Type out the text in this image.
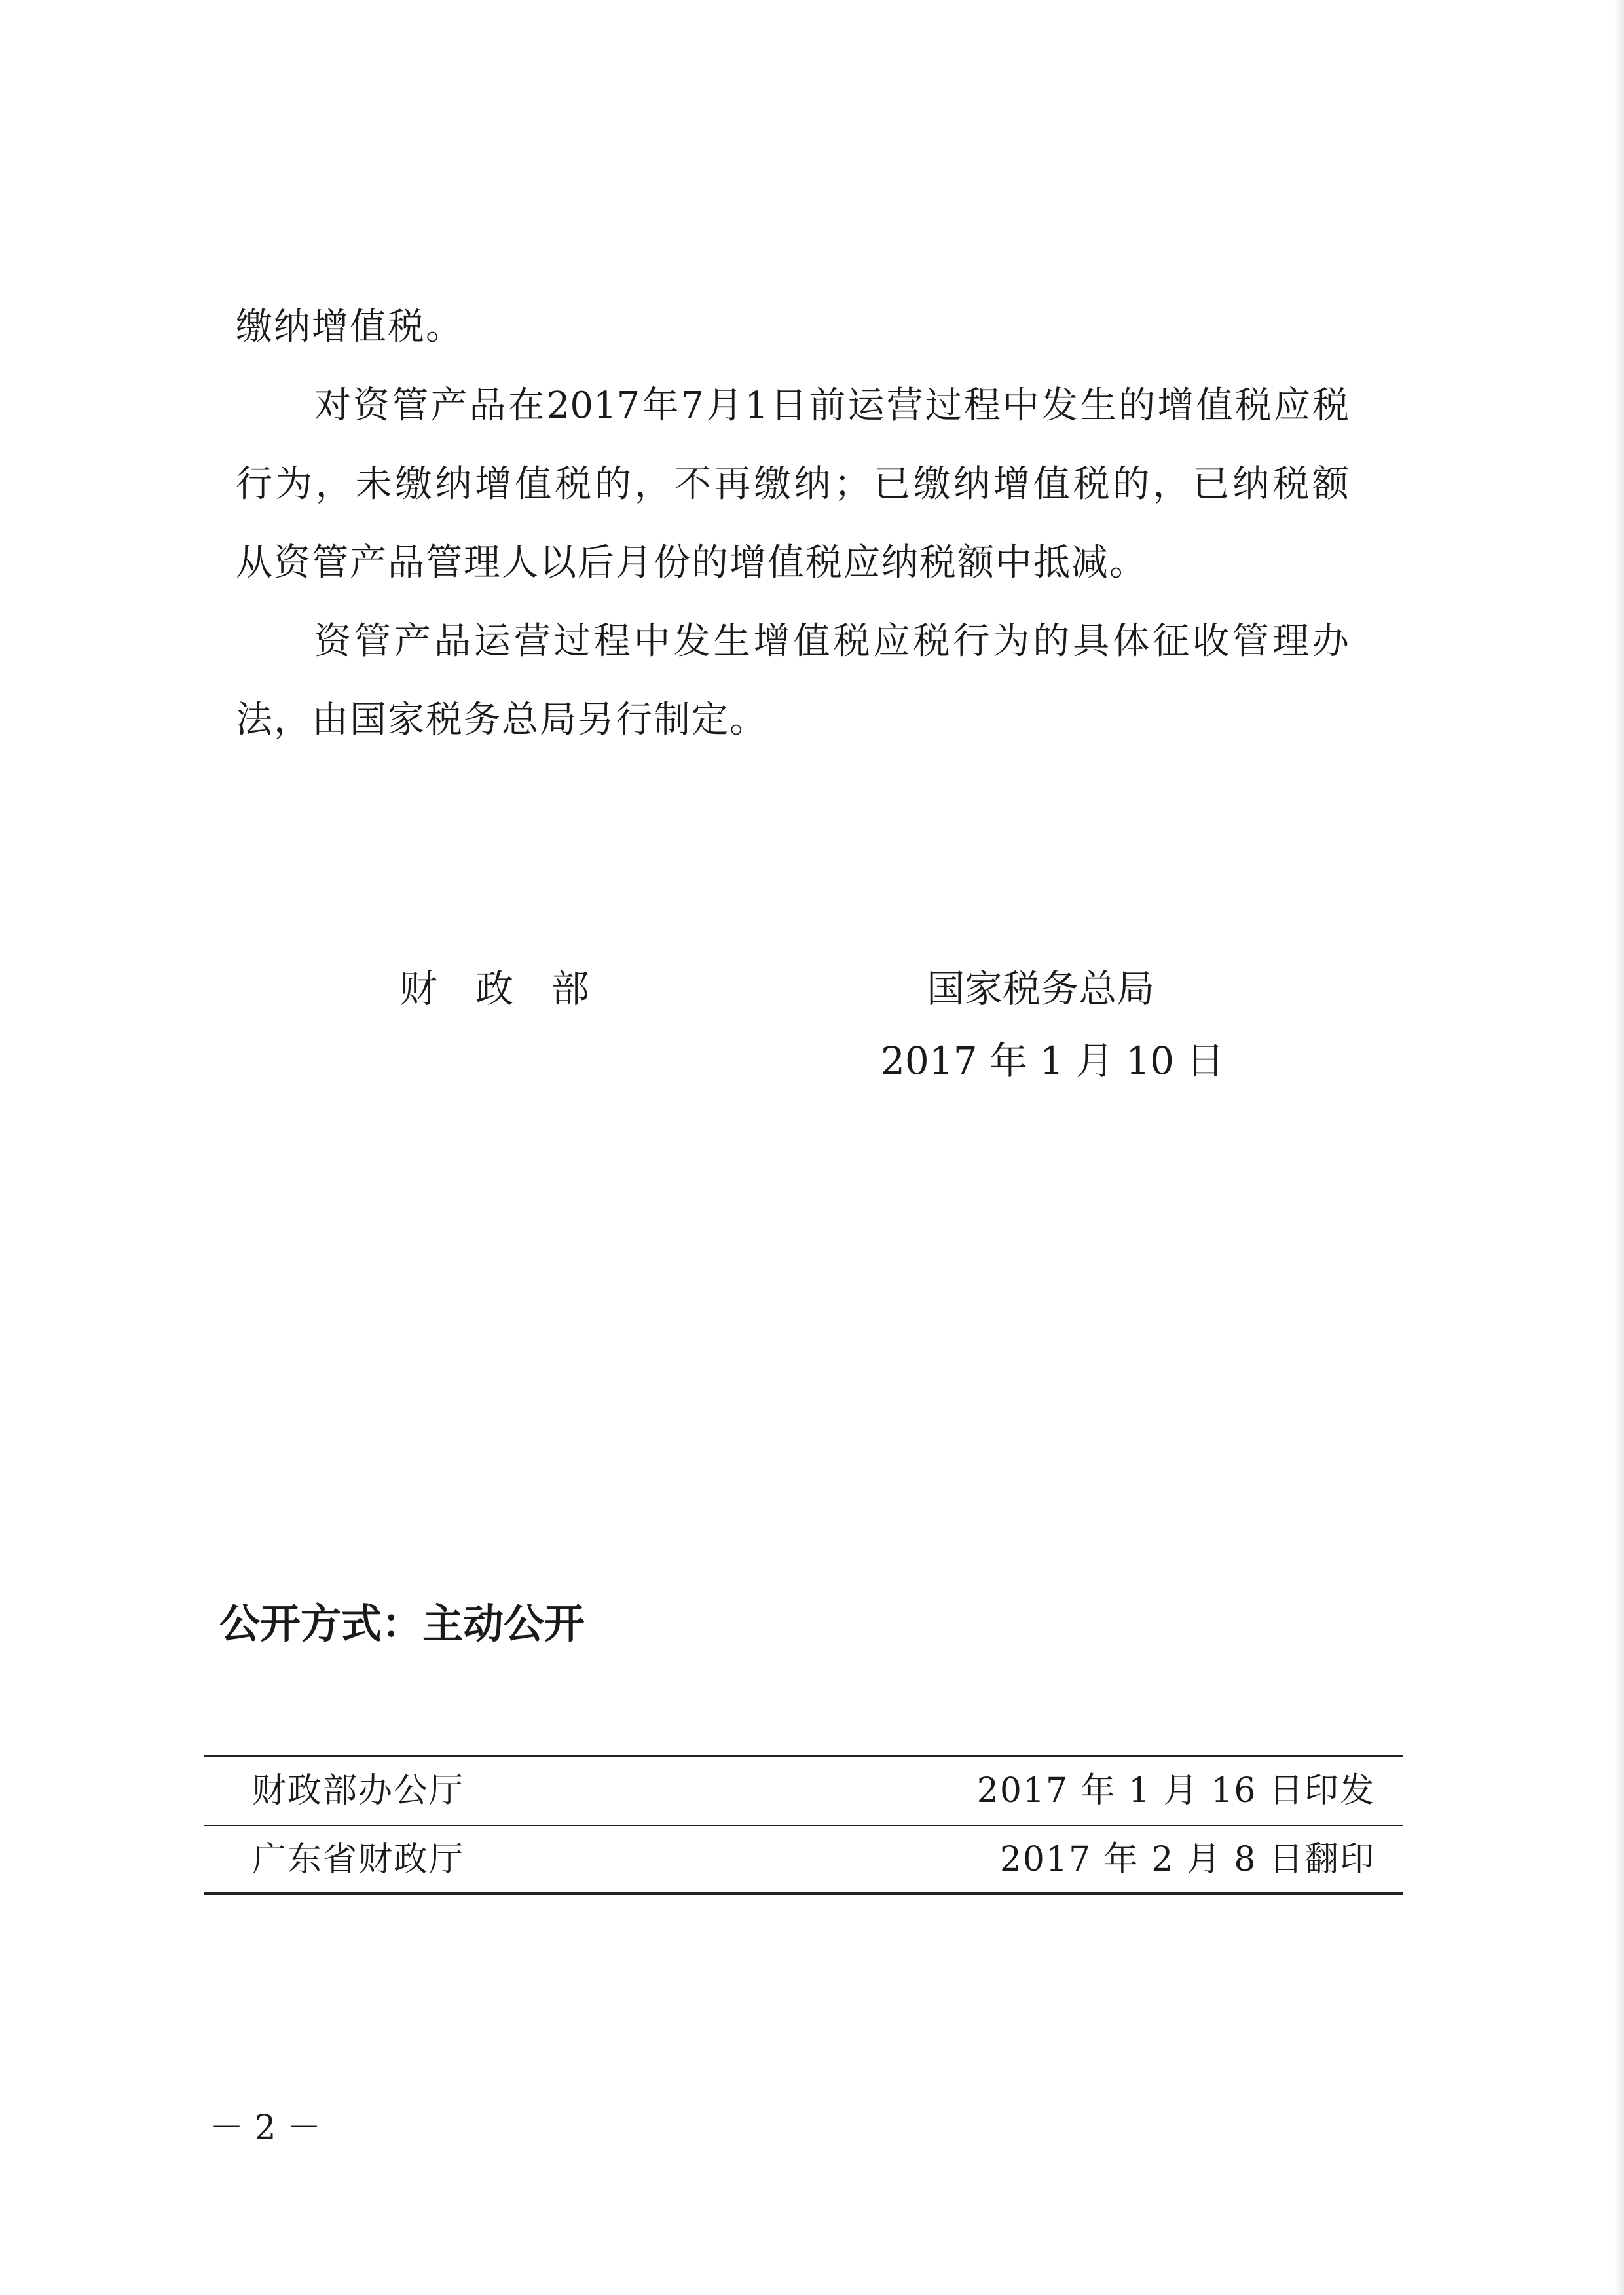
缴纳增值税。
对资管产品在2017年7月1日前运营过程中发生的增值税应税
行为，未缴纳增值税的，不再缴纳；已缴纳增值税的，已纳税额
从资管产品管理人以后月份的增值税应纳税额中抵减。
资管产品运营过程中发生增值税应税行为的具体征收管理办
法，由国家税务总局另行制定。
财　政　部	国家税务总局
2017 年 1 月 10 日
公开方式：主动公开
财政部办公厅	2017 年 1 月 16 日印发
广东省财政厅	2017 年 2 月 8 日翻印
－ 2 －
